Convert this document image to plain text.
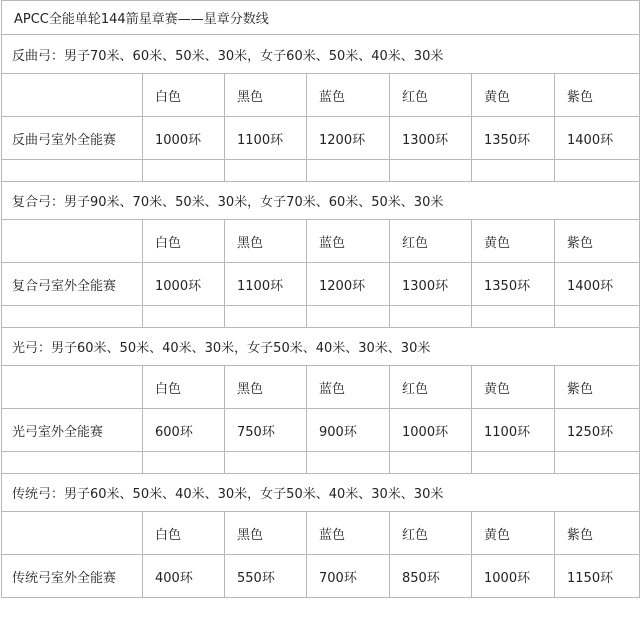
APCC全能单轮144箭星章赛——星章分数线						
反曲弓：男子70米、60米、50米、30米，女子60米、50米、40米、30米						
	白色	黑色	蓝色	红色	黄色	紫色
反曲弓室外全能赛	1000环	1100环	1200环	1300环	1350环	1400环

复合弓：男子90米、70米、50米、30米，女子70米、60米、50米、30米						
	白色	黑色	蓝色	红色	黄色	紫色
复合弓室外全能赛	1000环	1100环	1200环	1300环	1350环	1400环

光弓：男子60米、50米、40米、30米，女子50米、40米、30米、30米						
	白色	黑色	蓝色	红色	黄色	紫色
光弓室外全能赛	600环	750环	900环	1000环	1100环	1250环

传统弓：男子60米、50米、40米、30米，女子50米、40米、30米、30米						
	白色	黑色	蓝色	红色	黄色	紫色
传统弓室外全能赛	400环	550环	700环	850环	1000环	1150环
